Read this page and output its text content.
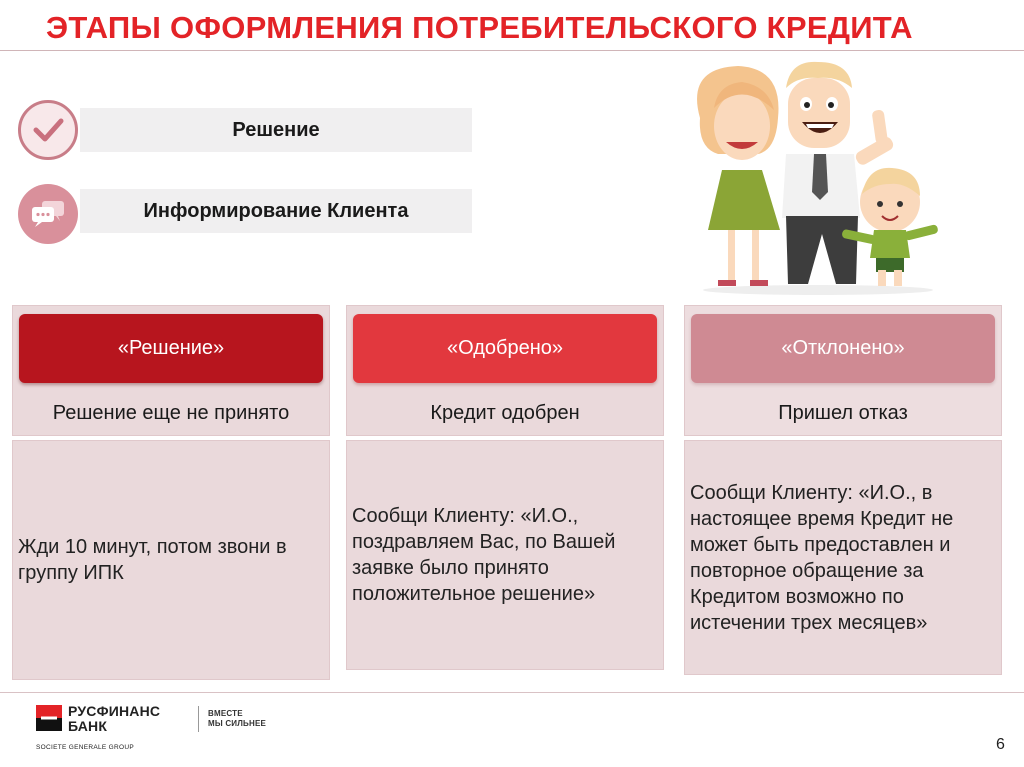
ЭТАПЫ ОФОРМЛЕНИЯ ПОТРЕБИТЕЛЬСКОГО КРЕДИТА
Решение
Информирование Клиента
«Решение»
Решение еще не принято
Жди 10 минут, потом звони в группу ИПК
«Одобрено»
Кредит одобрен
Сообщи Клиенту: «И.О., поздравляем Вас, по Вашей заявке было принято положительное решение»
«Отклонено»
Пришел отказ
Сообщи Клиенту: «И.О., в настоящее время Кредит не может быть предоставлен и повторное обращение за Кредитом возможно по истечении трех месяцев»
РУСФИНАНС
БАНК
ВМЕСТЕ
МЫ СИЛЬНЕЕ
SOCIETE GENERALE GROUP	6
